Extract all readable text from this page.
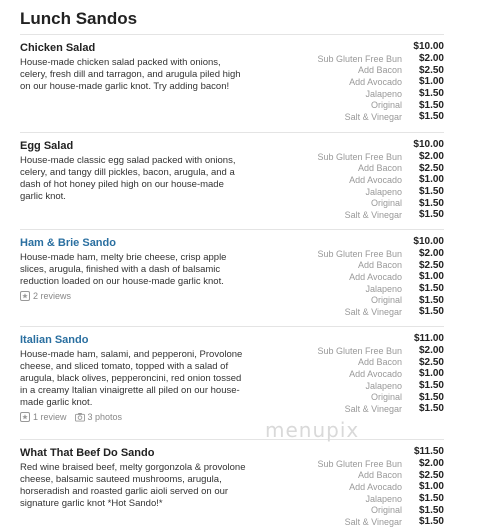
Lunch Sandos
Chicken Salad
House-made chicken salad packed with onions, celery, fresh dill and tarragon, and arugula piled high on our house-made garlic knot. Try adding bacon!
$10.00
Sub Gluten Free Bun	$2.00
Add Bacon	$2.50
Add Avocado	$1.00
Jalapeno	$1.50
Original	$1.50
Salt & Vinegar	$1.50
Egg Salad
House-made classic egg salad packed with onions, celery, and tangy dill pickles, bacon, arugula, and a dash of hot honey piled high on our house-made garlic knot.
$10.00
Sub Gluten Free Bun	$2.00
Add Bacon	$2.50
Add Avocado	$1.00
Jalapeno	$1.50
Original	$1.50
Salt & Vinegar	$1.50
Ham & Brie Sando
House-made ham, melty brie cheese, crisp apple slices, arugula, finished with a dash of balsamic reduction loaded on our house-made garlic knot.
2 reviews
$10.00
Sub Gluten Free Bun	$2.00
Add Bacon	$2.50
Add Avocado	$1.00
Jalapeno	$1.50
Original	$1.50
Salt & Vinegar	$1.50
Italian Sando
House-made ham, salami, and pepperoni, Provolone cheese, and sliced tomato, topped with a salad of arugula, black olives, pepperoncini, red onion tossed in a creamy Italian vinaigrette all piled on our house-made garlic knot.
1 review 3 photos
$11.00
Sub Gluten Free Bun	$2.00
Add Bacon	$2.50
Add Avocado	$1.00
Jalapeno	$1.50
Original	$1.50
Salt & Vinegar	$1.50
What That Beef Do Sando
Red wine braised beef, melty gorgonzola & provolone cheese, balsamic sauteed mushrooms, arugula, horseradish and roasted garlic aioli served on our signature garlic knot *Hot Sando!*
$11.50
Sub Gluten Free Bun	$2.00
Add Bacon	$2.50
Add Avocado	$1.00
Jalapeno	$1.50
Original	$1.50
Salt & Vinegar	$1.50
menupix
